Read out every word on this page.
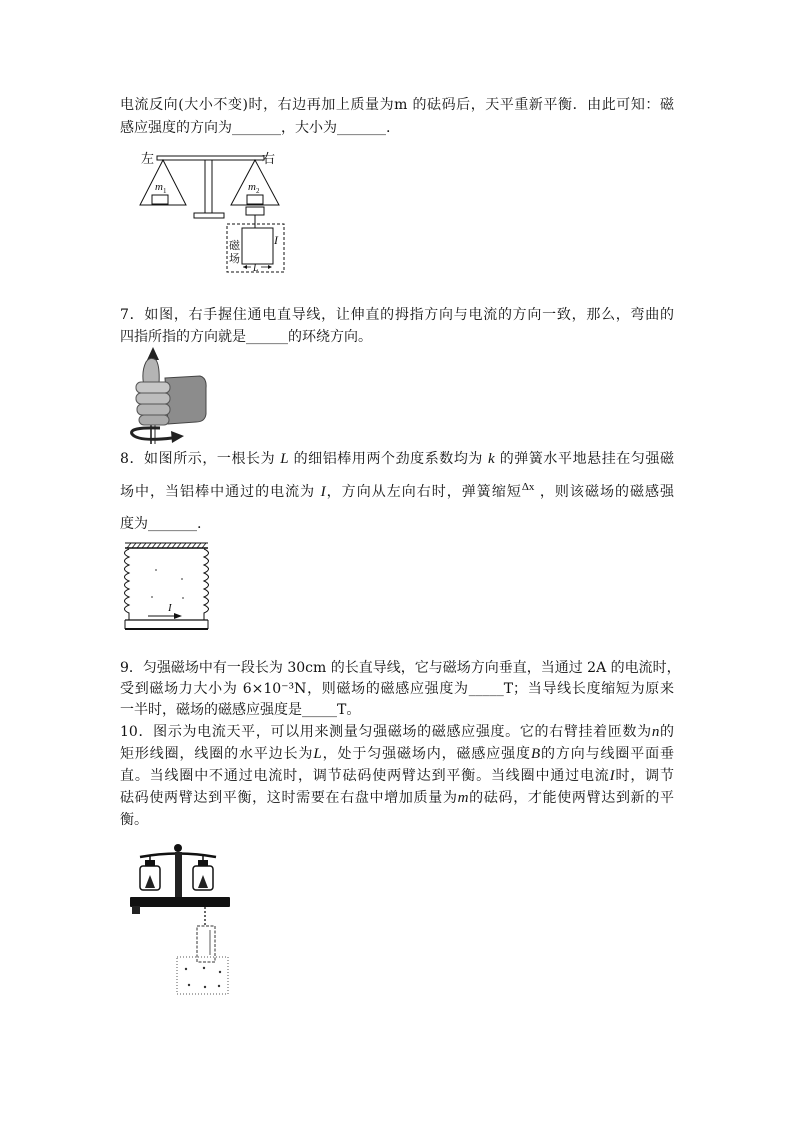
电流反向(大小不变)时，右边再加上质量为m 的砝码后，天平重新平衡．由此可知：磁
感应强度的方向为_______，大小为_______.
左	右
$m_1$	$m_2$
磁
场
I
L
7．如图，右手握住通电直导线，让伸直的拇指方向与电流的方向一致，那么，弯曲的
四指所指的方向就是______的环绕方向。
8．如图所示，一根长为 L 的细铝棒用两个劲度系数均为 k 的弹簧水平地悬挂在匀强磁
场中，当铝棒中通过的电流为 I，方向从左向右时，弹簧缩短$^{\Delta x}$ ，则该磁场的磁感强
度为_______.
I
9．匀强磁场中有一段长为 30cm 的长直导线，它与磁场方向垂直，当通过 2A 的电流时，
受到磁场力大小为 6×10⁻³N，则磁场的磁感应强度为_____T；当导线长度缩短为原来
一半时，磁场的磁感应强度是_____T。
10．图示为电流天平，可以用来测量匀强磁场的磁感应强度。它的右臂挂着匝数为n的
矩形线圈，线圈的水平边长为L，处于匀强磁场内，磁感应强度B的方向与线圈平面垂
直。当线圈中不通过电流时，调节砝码使两臂达到平衡。当线圈中通过电流I时，调节
砝码使两臂达到平衡，这时需要在右盘中增加质量为m的砝码，才能使两臂达到新的平
衡。
